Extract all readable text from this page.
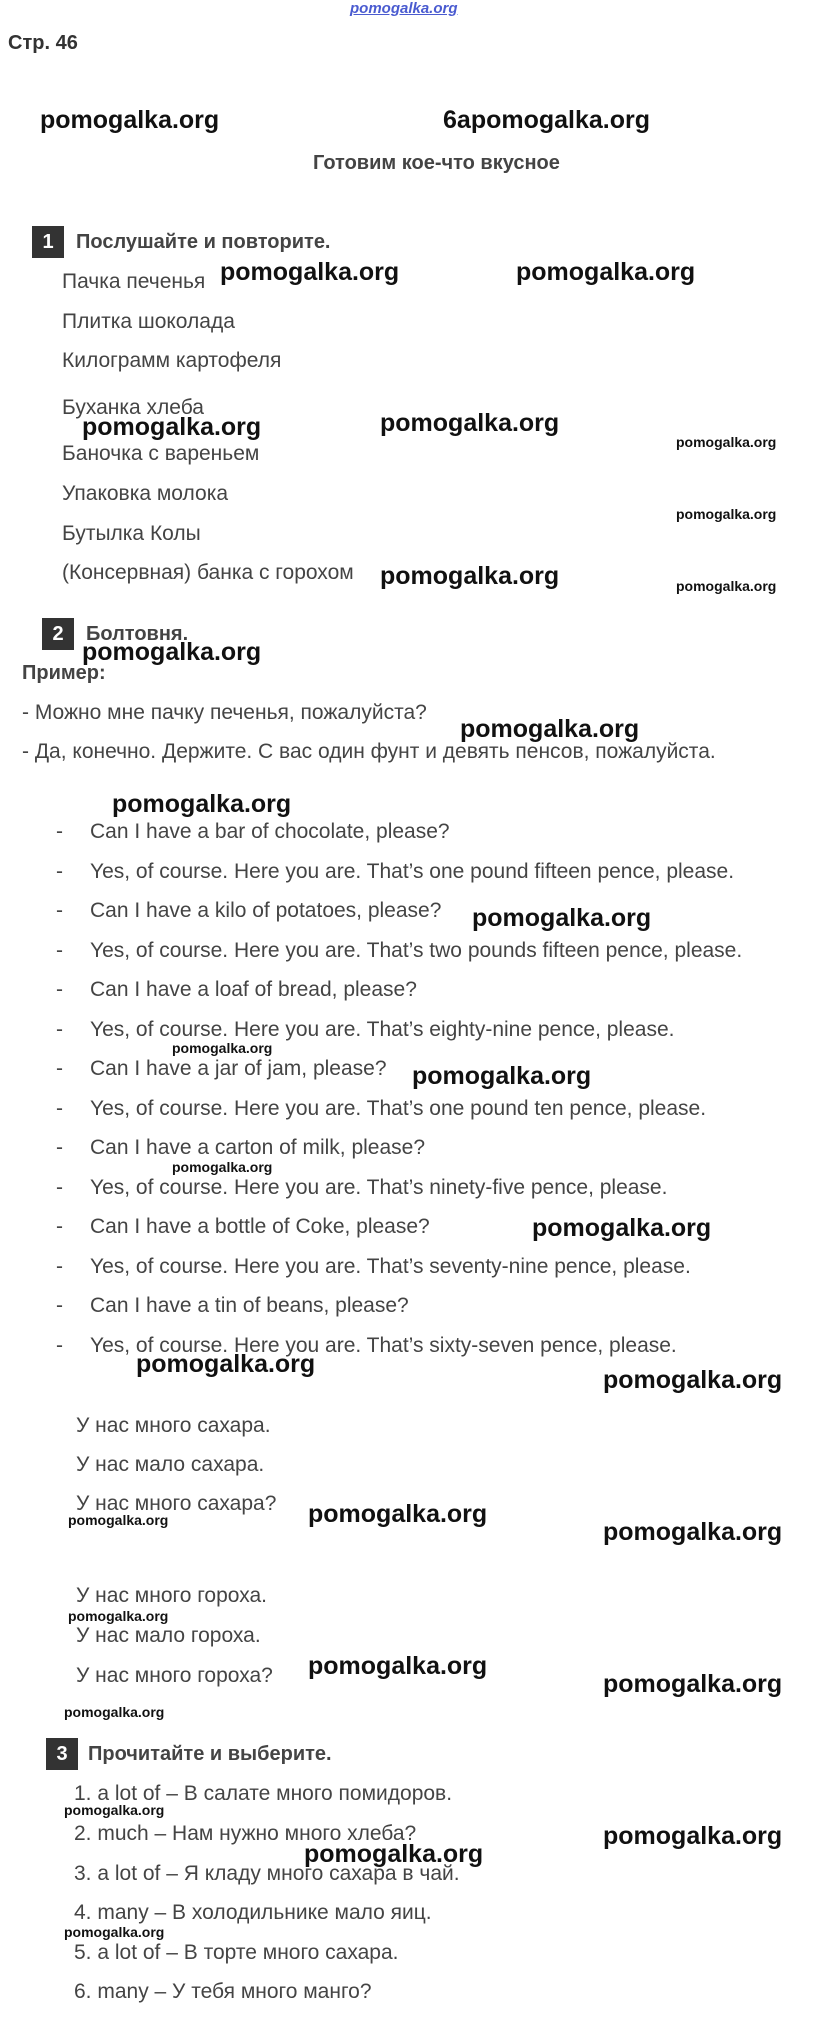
pomogalka.org
Стр. 46
pomogalka.org	6apomogalka.org
Готовим кое-что вкусное
1	Послушайте и повторите.
Пачка печенья
Плитка шоколада
Килограмм картофеля
Буханка хлеба
Баночка с вареньем
Упаковка молока
Бутылка Колы
(Консервная) банка с горохом
pomogalka.org	pomogalka.org
pomogalka.org	pomogalka.org
pomogalka.org
pomogalka.org
pomogalka.org	pomogalka.org
2	Болтовня.
pomogalka.org
Пример:
- Можно мне пачку печенья, пожалуйста?
- Да, конечно. Держите. С вас один фунт и девять пенсов, пожалуйста.
pomogalka.org
pomogalka.org
- Can I have a bar of chocolate, please?
- Yes, of course. Here you are. That’s one pound fifteen pence, please.
- Can I have a kilo of potatoes, please?
- Yes, of course. Here you are. That’s two pounds fifteen pence, please.
- Can I have a loaf of bread, please?
- Yes, of course. Here you are. That’s eighty-nine pence, please.
- Can I have a jar of jam, please?
- Yes, of course. Here you are. That’s one pound ten pence, please.
- Can I have a carton of milk, please?
- Yes, of course. Here you are. That’s ninety-five pence, please.
- Can I have a bottle of Coke, please?
- Yes, of course. Here you are. That’s seventy-nine pence, please.
- Can I have a tin of beans, please?
- Yes, of course. Here you are. That’s sixty-seven pence, please.
pomogalka.org
pomogalka.org
pomogalka.org
pomogalka.org
pomogalka.org
pomogalka.org
pomogalka.org
У нас много сахара.
У нас мало сахара.
У нас много сахара?
pomogalka.org	pomogalka.org
pomogalka.org
У нас много гороха.
pomogalka.org
У нас мало гороха.
У нас много гороха? pomogalka.org
pomogalka.org
pomogalka.org
3	Прочитайте и выберите.
1. a lot of – В салате много помидоров.
pomogalka.org
2. much – Нам нужно много хлеба?	pomogalka.org
pomogalka.org
3. a lot of – Я кладу много сахара в чай.
4. many – В холодильнике мало яиц.
pomogalka.org
5. a lot of – В торте много сахара.
6. many – У тебя много манго?
